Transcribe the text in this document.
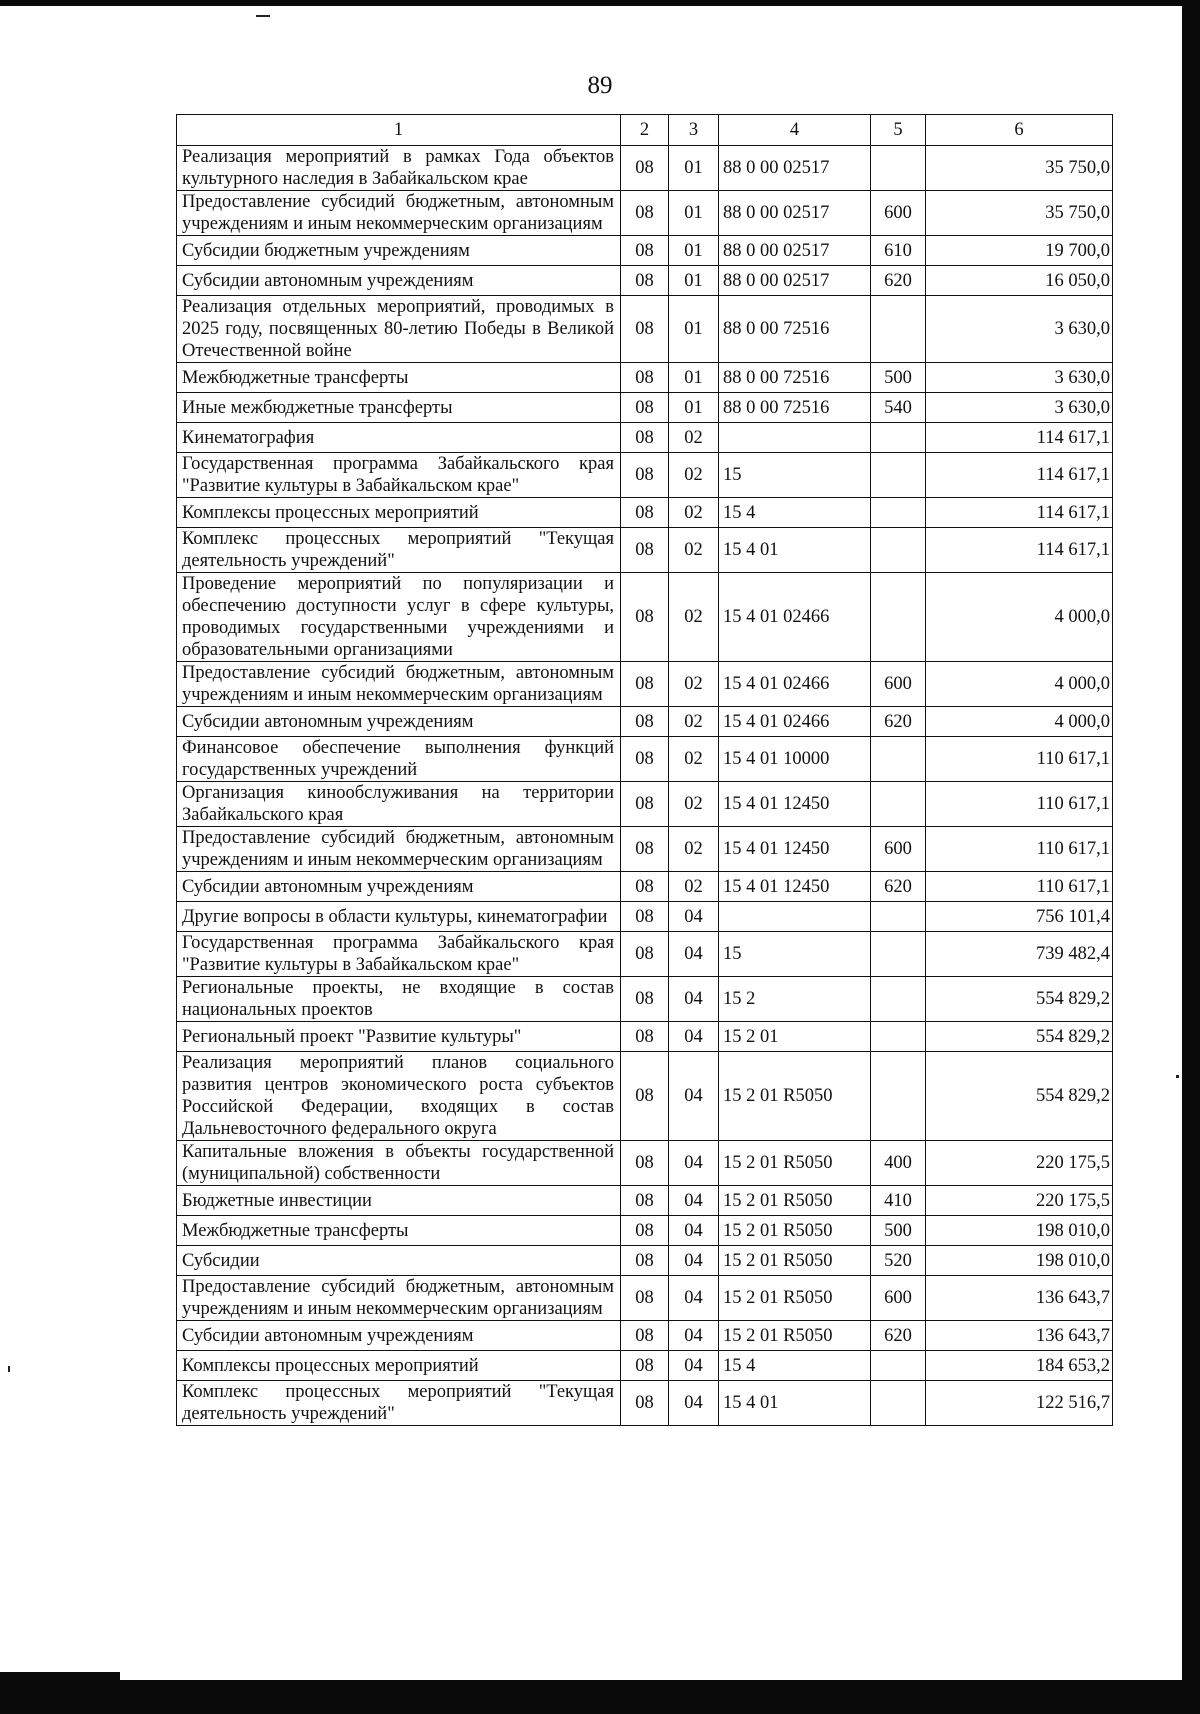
89
1	2	3	4	5	6
Реализация мероприятий в рамках Года объектов культурного наследия в Забайкальском крае	08	01	88 0 00 02517		35 750,0
Предоставление субсидий бюджетным, автономным учреждениям и иным некоммерческим организациям	08	01	88 0 00 02517	600	35 750,0
Субсидии бюджетным учреждениям	08	01	88 0 00 02517	610	19 700,0
Субсидии автономным учреждениям	08	01	88 0 00 02517	620	16 050,0
Реализация отдельных мероприятий, проводимых в 2025 году, посвященных 80-летию Победы в Великой Отечественной войне	08	01	88 0 00 72516		3 630,0
Межбюджетные трансферты	08	01	88 0 00 72516	500	3 630,0
Иные межбюджетные трансферты	08	01	88 0 00 72516	540	3 630,0
Кинематография	08	02			114 617,1
Государственная программа Забайкальского края "Развитие культуры в Забайкальском крае"	08	02	15		114 617,1
Комплексы процессных мероприятий	08	02	15 4		114 617,1
Комплекс процессных мероприятий "Текущая деятельность учреждений"	08	02	15 4 01		114 617,1
Проведение мероприятий по популяризации и обеспечению доступности услуг в сфере культуры, проводимых государственными учреждениями и образовательными организациями	08	02	15 4 01 02466		4 000,0
Предоставление субсидий бюджетным, автономным учреждениям и иным некоммерческим организациям	08	02	15 4 01 02466	600	4 000,0
Субсидии автономным учреждениям	08	02	15 4 01 02466	620	4 000,0
Финансовое обеспечение выполнения функций государственных учреждений	08	02	15 4 01 10000		110 617,1
Организация кинообслуживания на территории Забайкальского края	08	02	15 4 01 12450		110 617,1
Предоставление субсидий бюджетным, автономным учреждениям и иным некоммерческим организациям	08	02	15 4 01 12450	600	110 617,1
Субсидии автономным учреждениям	08	02	15 4 01 12450	620	110 617,1
Другие вопросы в области культуры, кинематографии	08	04			756 101,4
Государственная программа Забайкальского края "Развитие культуры в Забайкальском крае"	08	04	15		739 482,4
Региональные проекты, не входящие в состав национальных проектов	08	04	15 2		554 829,2
Региональный проект "Развитие культуры"	08	04	15 2 01		554 829,2
Реализация мероприятий планов социального развития центров экономического роста субъектов Российской Федерации, входящих в состав Дальневосточного федерального округа	08	04	15 2 01 R5050		554 829,2
Капитальные вложения в объекты государственной (муниципальной) собственности	08	04	15 2 01 R5050	400	220 175,5
Бюджетные инвестиции	08	04	15 2 01 R5050	410	220 175,5
Межбюджетные трансферты	08	04	15 2 01 R5050	500	198 010,0
Субсидии	08	04	15 2 01 R5050	520	198 010,0
Предоставление субсидий бюджетным, автономным учреждениям и иным некоммерческим организациям	08	04	15 2 01 R5050	600	136 643,7
Субсидии автономным учреждениям	08	04	15 2 01 R5050	620	136 643,7
Комплексы процессных мероприятий	08	04	15 4		184 653,2
Комплекс процессных мероприятий "Текущая деятельность учреждений"	08	04	15 4 01		122 516,7
